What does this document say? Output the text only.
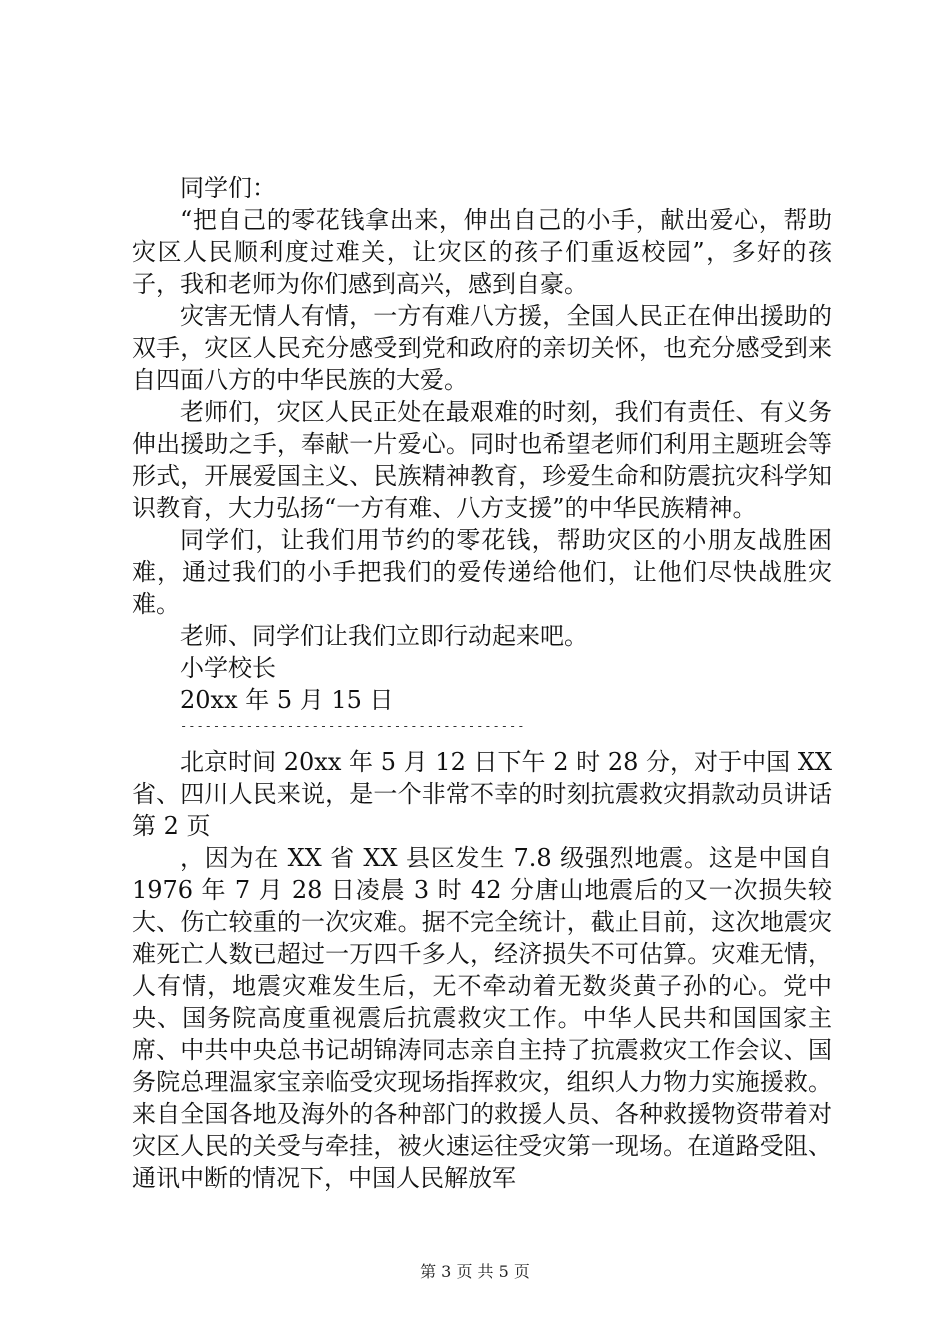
同学们：

“把自己的零花钱拿出来，伸出自己的小手，献出爱心，帮助灾区人民顺利度过难关，让灾区的孩子们重返校园”，多好的孩子，我和老师为你们感到高兴，感到自豪。

灾害无情人有情，一方有难八方援，全国人民正在伸出援助的双手，灾区人民充分感受到党和政府的亲切关怀，也充分感受到来自四面八方的中华民族的大爱。

老师们，灾区人民正处在最艰难的时刻，我们有责任、有义务伸出援助之手，奉献一片爱心。同时也希望老师们利用主题班会等形式，开展爱国主义、民族精神教育，珍爱生命和防震抗灾科学知识教育，大力弘扬“一方有难、八方支援”的中华民族精神。

同学们，让我们用节约的零花钱，帮助灾区的小朋友战胜困难，通过我们的小手把我们的爱传递给他们，让他们尽快战胜灾难。

老师、同学们让我们立即行动起来吧。

小学校长

20xx 年 5 月 15 日

------------------------------------------

北京时间 20xx 年 5 月 12 日下午 2 时 28 分，对于中国 XX 省、四川人民来说，是一个非常不幸的时刻抗震救灾捐款动员讲话第 2 页

，因为在 XX 省 XX 县区发生 7.8 级强烈地震。这是中国自 1976 年 7 月 28 日凌晨 3 时 42 分唐山地震后的又一次损失较大、伤亡较重的一次灾难。据不完全统计，截止目前，这次地震灾难死亡人数已超过一万四千多人，经济损失不可估算。灾难无情，人有情，地震灾难发生后，无不牵动着无数炎黄子孙的心。党中央、国务院高度重视震后抗震救灾工作。中华人民共和国国家主席、中共中央总书记胡锦涛同志亲自主持了抗震救灾工作会议、国务院总理温家宝亲临受灾现场指挥救灾，组织人力物力实施援救。来自全国各地及海外的各种部门的救援人员、各种救援物资带着对灾区人民的关受与牵挂，被火速运往受灾第一现场。在道路受阻、通讯中断的情况下，中国人民解放军

第 3 页 共 5 页
